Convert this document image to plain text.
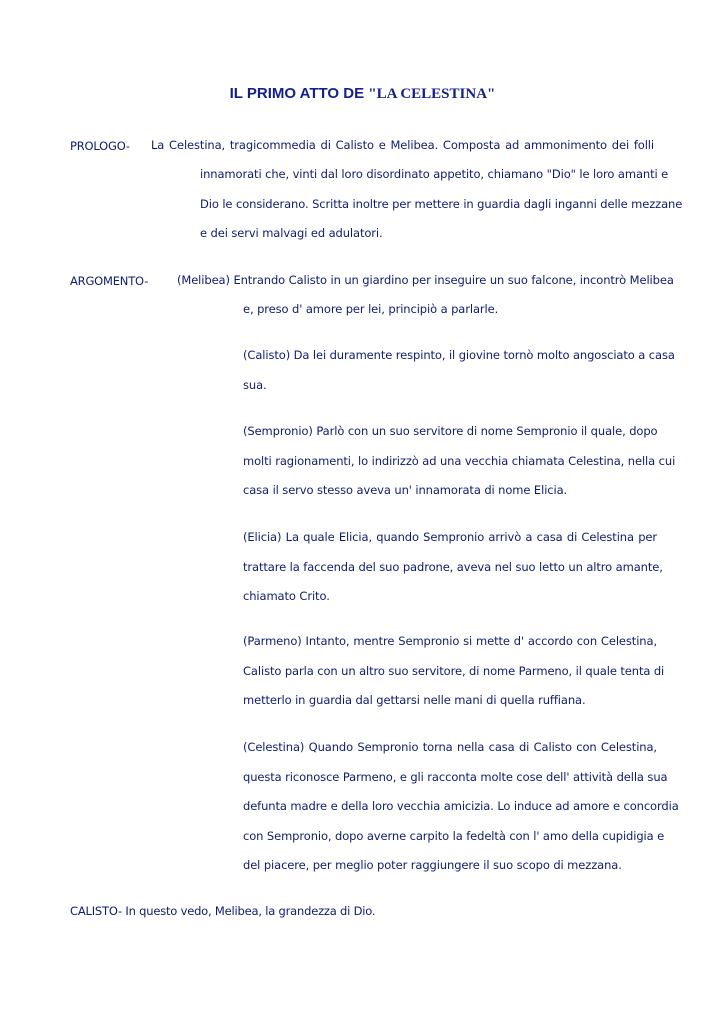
IL PRIMO ATTO DE "LA CELESTINA"
PROLOGO- La Celestina, tragicommedia di Calisto e Melibea. Composta ad ammonimento dei folli
innamorati che, vinti dal loro disordinato appetito, chiamano "Dio" le loro amanti e
Dio le considerano. Scritta inoltre per mettere in guardia dagli inganni delle mezzane
e dei servi malvagi ed adulatori.
ARGOMENTO-	(Melibea) Entrando Calisto in un giardino per inseguire un suo falcone, incontrò Melibea
e, preso d' amore per lei, principiò a parlarle.
(Calisto) Da lei duramente respinto, il giovine tornò molto angosciato a casa
sua.
(Sempronio) Parlò con un suo servitore di nome Sempronio il quale, dopo
molti ragionamenti, lo indirizzò ad una vecchia chiamata Celestina, nella cui
casa il servo stesso aveva un' innamorata di nome Elicia.
(Elicia) La quale Elicia, quando Sempronio arrivò a casa di Celestina per
trattare la faccenda del suo padrone, aveva nel suo letto un altro amante,
chiamato Crito.
(Parmeno) Intanto, mentre Sempronio si mette d' accordo con Celestina,
Calisto parla con un altro suo servitore, di nome Parmeno, il quale tenta di
metterlo in guardia dal gettarsi nelle mani di quella ruffiana.
(Celestina) Quando Sempronio torna nella casa di Calisto con Celestina,
questa riconosce Parmeno, e gli racconta molte cose dell' attività della sua
defunta madre e della loro vecchia amicizia. Lo induce ad amore e concordia
con Sempronio, dopo averne carpito la fedeltà con l' amo della cupidigia e
del piacere, per meglio poter raggiungere il suo scopo di mezzana.
CALISTO- In questo vedo, Melibea, la grandezza di Dio.
